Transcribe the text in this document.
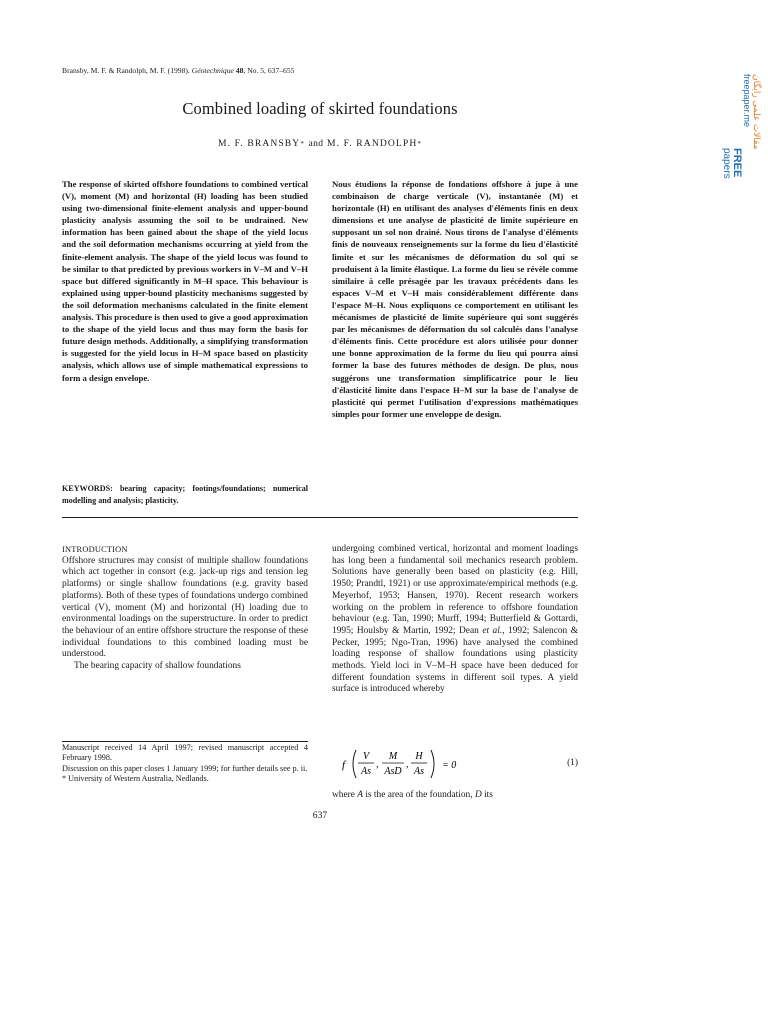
Bransby, M. F. & Randolph, M. F. (1998). Géotechnique 48, No. 5, 637–655
Combined loading of skirted foundations
M. F. BRANSBY* and M. F. RANDOLPH*
The response of skirted offshore foundations to combined vertical (V), moment (M) and horizontal (H) loading has been studied using two-dimensional finite-element analysis and upper-bound plasticity analysis assuming the soil to be undrained. New information has been gained about the shape of the yield locus and the soil deformation mechanisms occurring at yield from the finite-element analysis. The shape of the yield locus was found to be similar to that predicted by previous workers in V–M and V–H space but differed significantly in M–H space. This behaviour is explained using upper-bound plasticity mechanisms suggested by the soil deformation mechanisms calculated in the finite element analysis. This procedure is then used to give a good approximation to the shape of the yield locus and thus may form the basis for future design methods. Additionally, a simplifying transformation is suggested for the yield locus in H–M space based on plasticity analysis, which allows use of simple mathematical expressions to form a design envelope.
KEYWORDS: bearing capacity; footings/foundations; numerical modelling and analysis; plasticity.
Nous étudions la réponse de fondations offshore à jupe à une combinaison de charge verticale (V), instantanée (M) et horizontale (H) en utilisant des analyses d'éléments finis en deux dimensions et une analyse de plasticité de limite supérieure en supposant un sol non drainé. Nous tirons de l'analyse d'éléments finis de nouveaux renseignements sur la forme du lieu d'élasticité limite et sur les mécanismes de déformation du sol qui se produisent à la limite élastique. La forme du lieu se révèle comme similaire à celle présagée par les travaux précédents dans les espaces V–M et V–H mais considérablement différente dans l'espace M–H. Nous expliquons ce comportement en utilisant les mécanismes de plasticité de limite supérieure qui sont suggérés par les mécanismes de déformation du sol calculés dans l'analyse d'éléments finis. Cette procédure est alors utilisée pour donner une bonne approximation de la forme du lieu qui pourra ainsi former la base des futures méthodes de design. De plus, nous suggérons une transformation simplificatrice pour le lieu d'élasticité limite dans l'espace H–M sur la base de l'analyse de plasticité qui permet l'utilisation d'expressions mathématiques simples pour former une enveloppe de design.
INTRODUCTION

Offshore structures may consist of multiple shallow foundations which act together in consort (e.g. jack-up rigs and tension leg platforms) or single shallow foundations (e.g. gravity based platforms). Both of these types of foundations undergo combined vertical (V), moment (M) and horizontal (H) loading due to environmental loadings on the superstructure. In order to predict the behaviour of an entire offshore structure the response of these individual foundations to this combined loading must be understood.

The bearing capacity of shallow foundations

undergoing combined vertical, horizontal and moment loadings has long been a fundamental soil mechanics research problem. Solutions have generally been based on plasticity (e.g. Hill, 1950; Prandtl, 1921) or use approximate/empirical methods (e.g. Meyerhof, 1953; Hansen, 1970). Recent research workers working on the problem in reference to offshore foundation behaviour (e.g. Tan, 1990; Murff, 1994; Butterfield & Gottardi, 1995; Houlsby & Martin, 1992; Dean et al., 1992; Salencon & Pecker, 1995; Ngo-Tran, 1996) have analysed the combined loading response of shallow foundations using plasticity methods. Yield loci in V–M–H space have been deduced for different foundation systems in different soil types. A yield surface is introduced whereby

Manuscript received 14 April 1997; revised manuscript accepted 4 February 1998.

Discussion on this paper closes 1 January 1999; for further details see p. ii.

* University of Western Australia, Nedlands.

f
V
As
,
M
AsD
,
H
As
= 0	(1)
where A is the area of the foundation, D its
637
مقالات علمی رایگان
freepaper.me
FREE
papers
